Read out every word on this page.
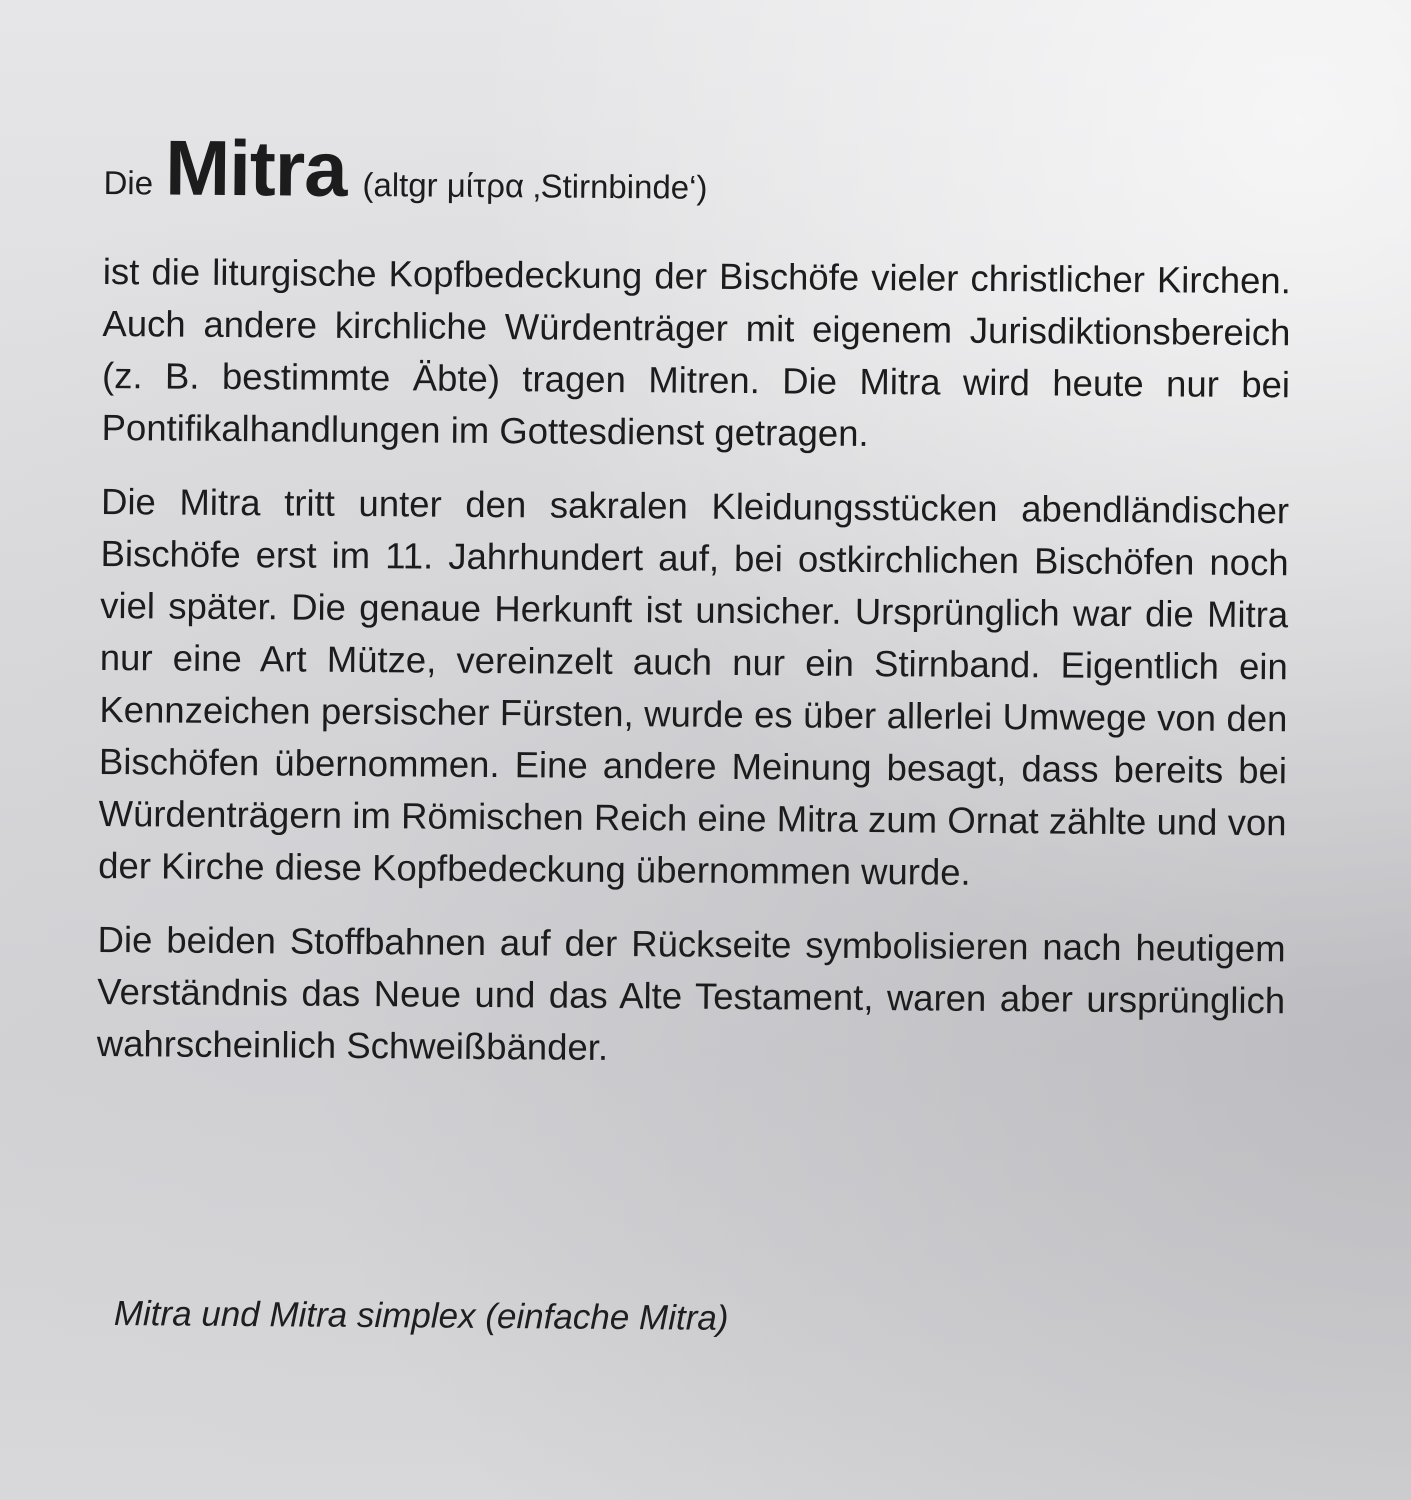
Die Mitra (altgr μίτρα ‚Stirnbinde‘)

ist die liturgische Kopfbedeckung der Bischöfe vieler christlicher Kirchen. Auch andere kirchliche Würdenträger mit eigenem Jurisdiktionsbereich (z. B. bestimmte Äbte) tragen Mitren. Die Mitra wird heute nur bei Pontifikalhandlungen im Gottesdienst getragen.

Die Mitra tritt unter den sakralen Kleidungsstücken abendländischer Bischöfe erst im 11. Jahrhundert auf, bei ostkirchlichen Bischöfen noch viel später. Die genaue Herkunft ist unsicher. Ursprünglich war die Mitra nur eine Art Mütze, vereinzelt auch nur ein Stirnband. Eigentlich ein Kennzeichen persischer Fürsten, wurde es über allerlei Umwege von den Bischöfen übernommen. Eine andere Meinung besagt, dass bereits bei Würdenträgern im Römischen Reich eine Mitra zum Ornat zählte und von der Kirche diese Kopfbedeckung übernommen wurde.

Die beiden Stoffbahnen auf der Rückseite symbolisieren nach heutigem Verständnis das Neue und das Alte Testament, waren aber ursprünglich wahrscheinlich Schweißbänder.

Mitra und Mitra simplex (einfache Mitra)
